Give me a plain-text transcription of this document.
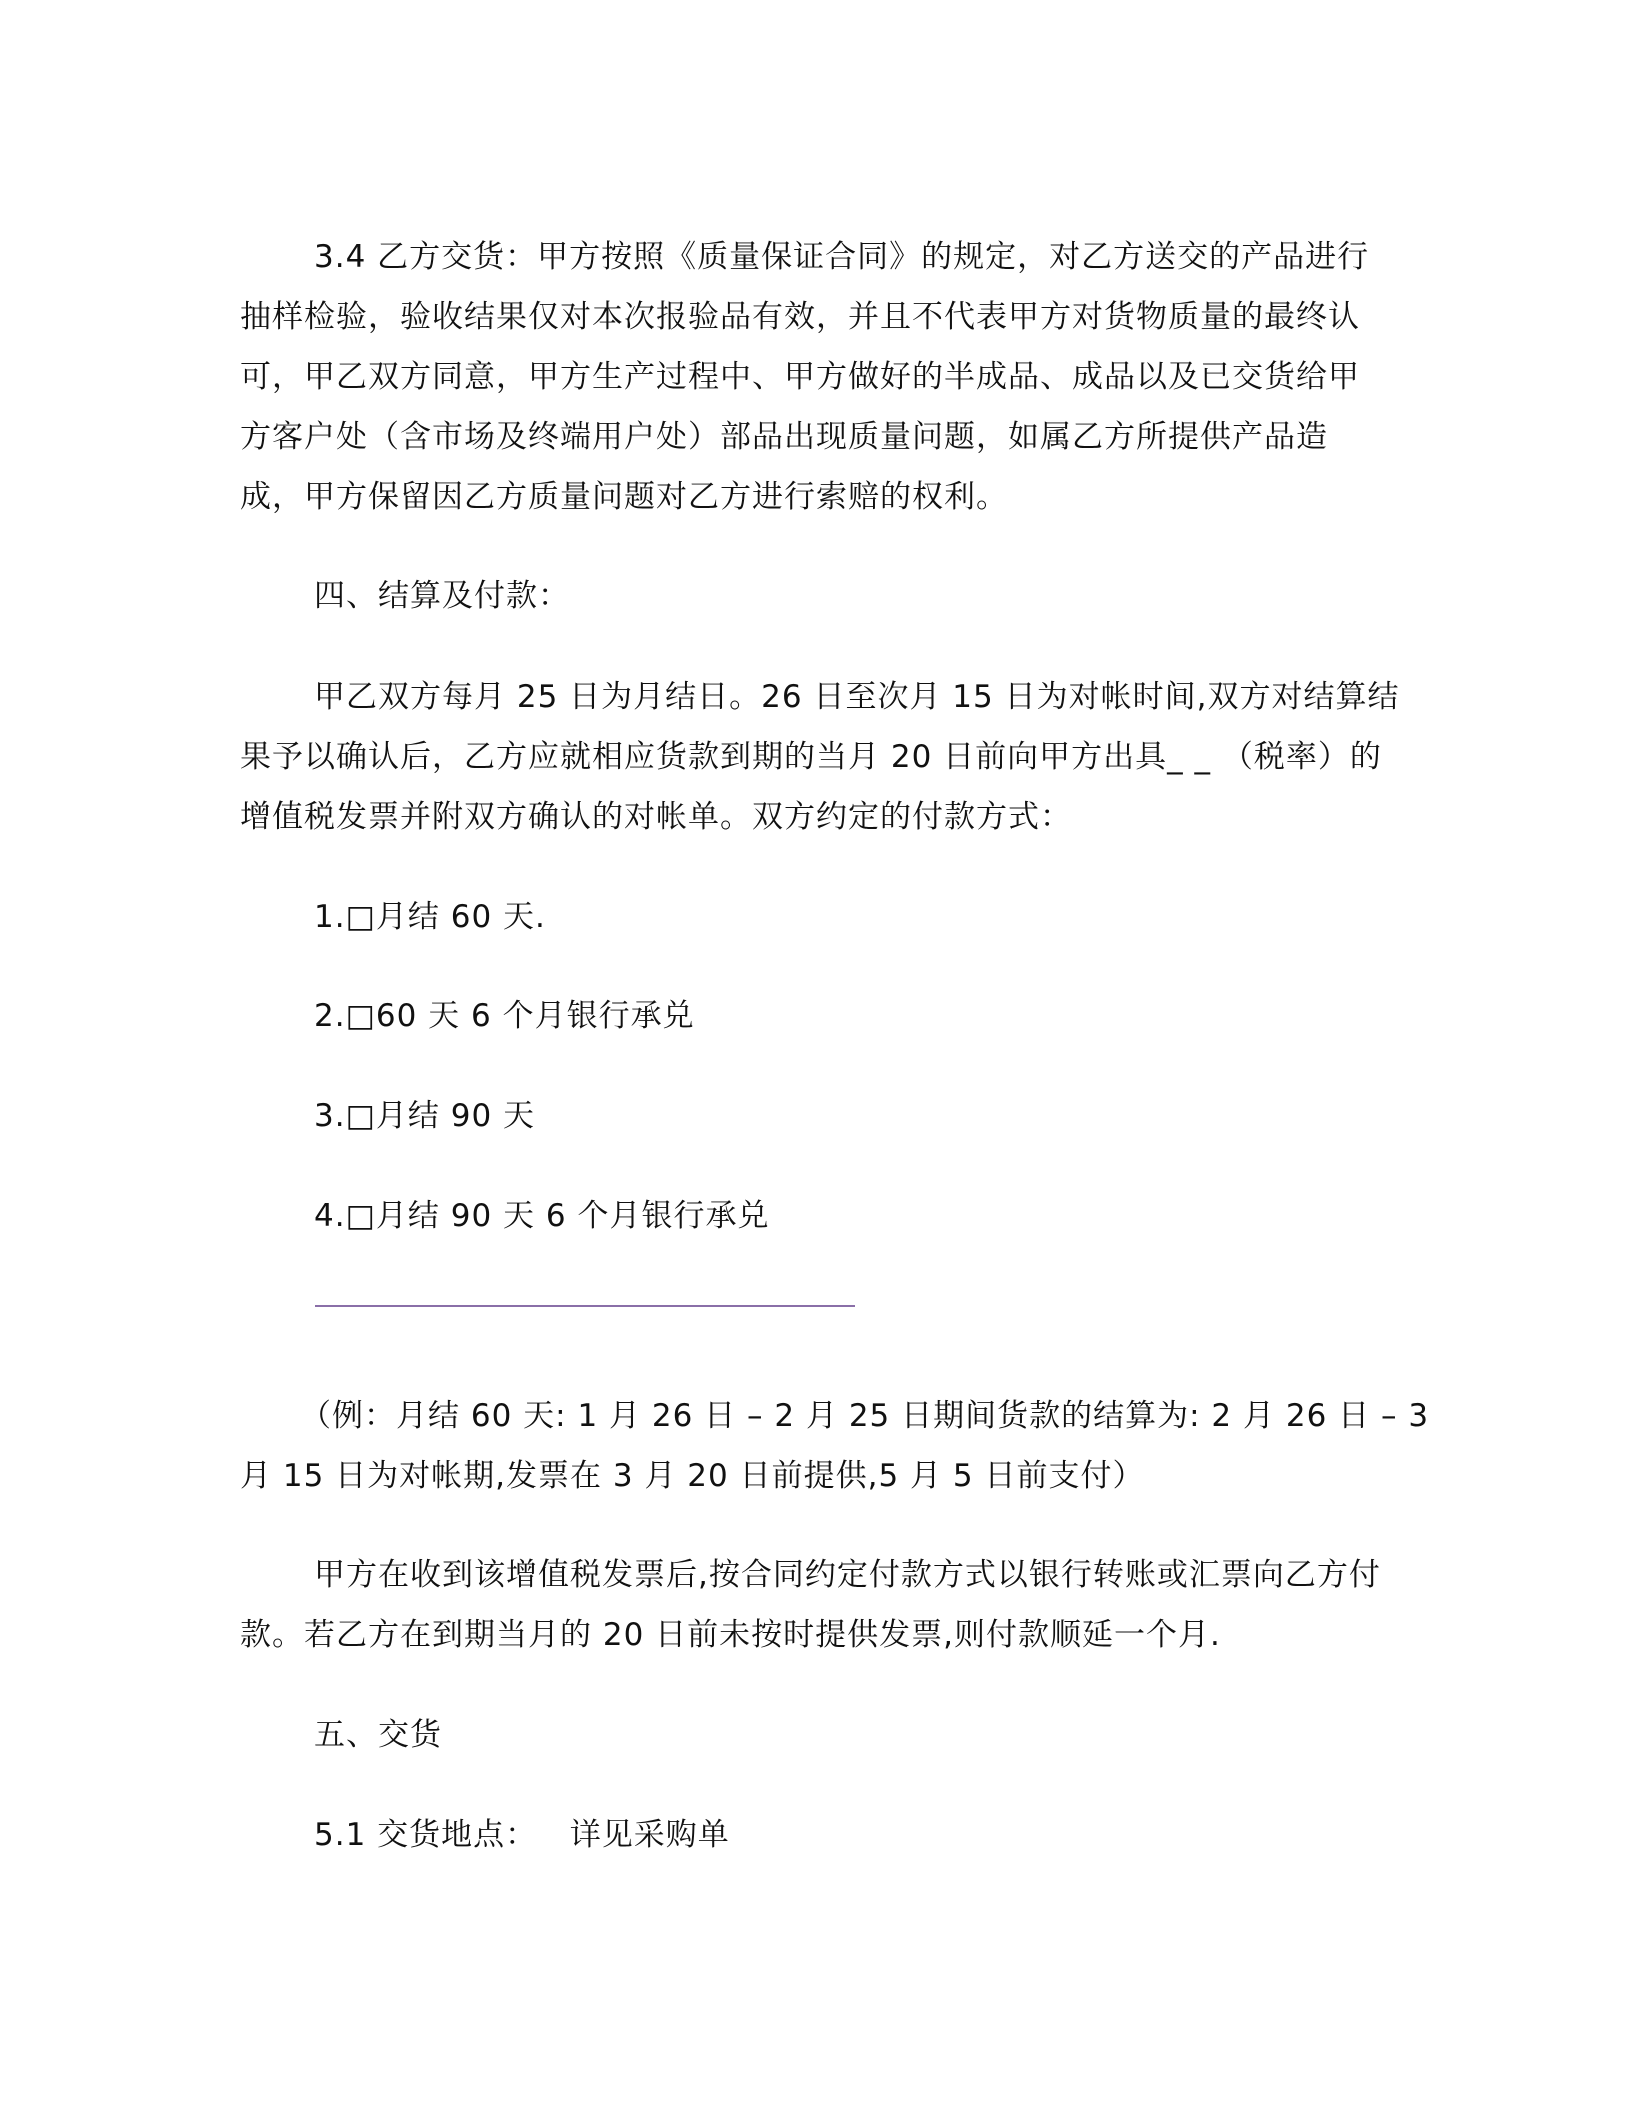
3.4 乙方交货：甲方按照《质量保证合同》的规定，对乙方送交的产品进行
抽样检验，验收结果仅对本次报验品有效，并且不代表甲方对货物质量的最终认
可，甲乙双方同意，甲方生产过程中、甲方做好的半成品、成品以及已交货给甲
方客户处（含市场及终端用户处）部品出现质量问题，如属乙方所提供产品造
成，甲方保留因乙方质量问题对乙方进行索赔的权利。
四、结算及付款：
甲乙双方每月 25 日为月结日。26 日至次月 15 日为对帐时间,双方对结算结
果予以确认后，乙方应就相应货款到期的当月 20 日前向甲方出具_ _ （税率）的
增值税发票并附双方确认的对帐单。双方约定的付款方式：
1.□月结 60 天.
2.□60 天 6 个月银行承兑
3.□月结 90 天
4.□月结 90 天 6 个月银行承兑
（例：月结 60 天: 1 月 26 日 – 2 月 25 日期间货款的结算为: 2 月 26 日 – 3
月 15 日为对帐期,发票在 3 月 20 日前提供,5 月 5 日前支付）
甲方在收到该增值税发票后,按合同约定付款方式以银行转账或汇票向乙方付
款。若乙方在到期当月的 20 日前未按时提供发票,则付款顺延一个月.
五、交货
5.1 交货地点：   详见采购单
